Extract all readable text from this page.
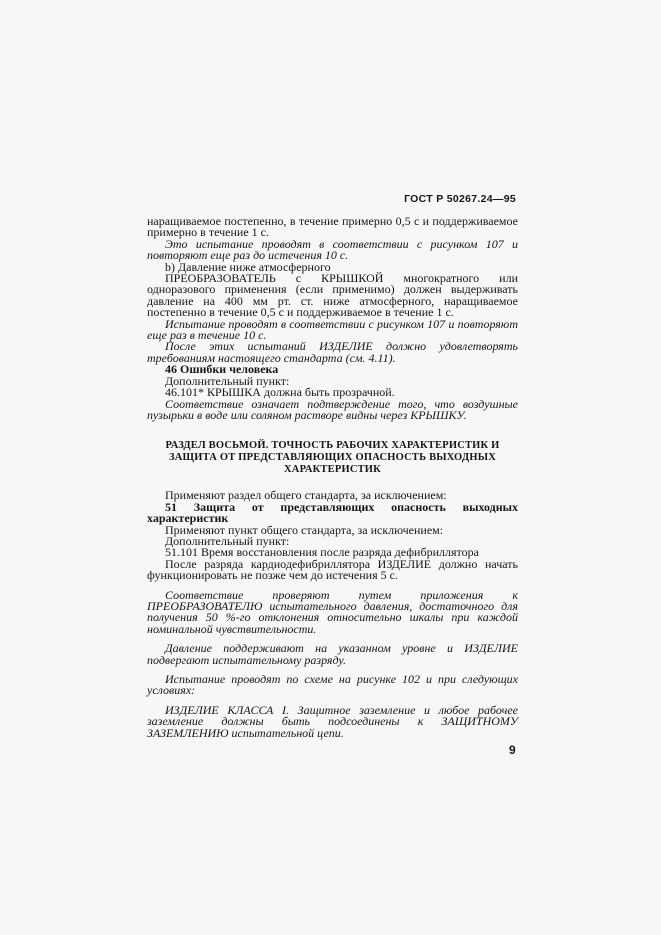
ГОСТ Р 50267.24—95

наращиваемое постепенно, в течение примерно 0,5 с и поддерживаемое примерно в течение 1 с.

Это испытание проводят в соответствии с рисунком 107 и повторяют еще раз до истечения 10 с.

b) Давление ниже атмосферного

ПРЕОБРАЗОВАТЕЛЬ с КРЫШКОЙ многократного или одноразового применения (если применимо) должен выдерживать давление на 400 мм рт. ст. ниже атмосферного, наращиваемое постепенно в течение 0,5 с и поддерживаемое в течение 1 с.

Испытание проводят в соответствии с рисунком 107 и повторяют еще раз в течение 10 с.

После этих испытаний ИЗДЕЛИЕ должно удовлетворять требованиям настоящего стандарта (см. 4.11).

46 Ошибки человека

Дополнительный пункт:

46.101* КРЫШКА должна быть прозрачной.

Соответствие означает подтверждение того, что воздушные пузырьки в воде или соляном растворе видны через КРЫШКУ.

РАЗДЕЛ ВОСЬМОЙ. ТОЧНОСТЬ РАБОЧИХ ХАРАКТЕРИСТИК И ЗАЩИТА ОТ ПРЕДСТАВЛЯЮЩИХ ОПАСНОСТЬ ВЫХОДНЫХ ХАРАКТЕРИСТИК

Применяют раздел общего стандарта, за исключением:

51 Защита от представляющих опасность выходных характеристик

Применяют пункт общего стандарта, за исключением:

Дополнительный пункт:

51.101 Время восстановления после разряда дефибриллятора

После разряда кардиодефибриллятора ИЗДЕЛИЕ должно начать функционировать не позже чем до истечения 5 с.

Соответствие проверяют путем приложения к ПРЕОБРАЗОВАТЕЛЮ испытательного давления, достаточного для получения 50 %-го отклонения относительно шкалы при каждой номинальной чувствительности.

Давление поддерживают на указанном уровне и ИЗДЕЛИЕ подвергают испытательному разряду.

Испытание проводят по схеме на рисунке 102 и при следующих условиях:

ИЗДЕЛИЕ КЛАССА I. Защитное заземление и любое рабочее заземление должны быть подсоединены к ЗАЩИТНОМУ ЗАЗЕМЛЕНИЮ испытательной цепи.

9
